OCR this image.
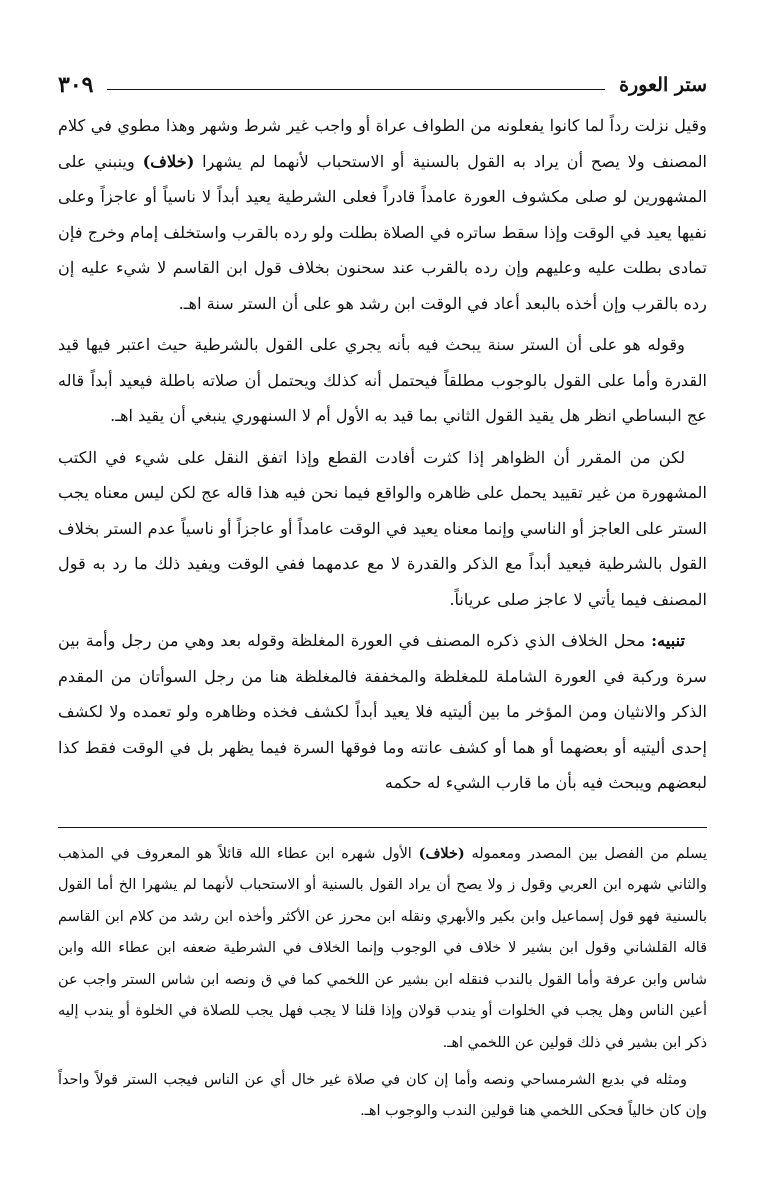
ستر العورة
٣٠٩

وقيل نزلت رداً لما كانوا يفعلونه من الطواف عراة أو واجب غير شرط وشهر وهذا مطوي في كلام المصنف ولا يصح أن يراد به القول بالسنية أو الاستحباب لأنهما لم يشهرا (خلاف) وينبني على المشهورين لو صلى مكشوف العورة عامداً قادراً فعلى الشرطية يعيد أبداً لا ناسياً أو عاجزاً وعلى نفيها يعيد في الوقت وإذا سقط ساتره في الصلاة بطلت ولو رده بالقرب واستخلف إمام وخرج فإن تمادى بطلت عليه وعليهم وإن رده بالقرب عند سحنون بخلاف قول ابن القاسم لا شيء عليه إن رده بالقرب وإن أخذه بالبعد أعاد في الوقت ابن رشد هو على أن الستر سنة اهـ.

وقوله هو على أن الستر سنة يبحث فيه بأنه يجري على القول بالشرطية حيث اعتبر فيها قيد القدرة وأما على القول بالوجوب مطلقاً فيحتمل أنه كذلك ويحتمل أن صلاته باطلة فيعيد أبداً قاله عج البساطي انظر هل يقيد القول الثاني بما قيد به الأول أم لا السنهوري ينبغي أن يقيد اهـ.

لكن من المقرر أن الظواهر إذا كثرت أفادت القطع وإذا اتفق النقل على شيء في الكتب المشهورة من غير تقييد يحمل على ظاهره والواقع فيما نحن فيه هذا قاله عج لكن ليس معناه يجب الستر على العاجز أو الناسي وإنما معناه يعيد في الوقت عامداً أو عاجزاً أو ناسياً عدم الستر بخلاف القول بالشرطية فيعيد أبداً مع الذكر والقدرة لا مع عدمهما ففي الوقت ويفيد ذلك ما رد به قول المصنف فيما يأتي لا عاجز صلى عرياناً.

تنبيه: محل الخلاف الذي ذكره المصنف في العورة المغلظة وقوله بعد وهي من رجل وأمة بين سرة وركبة في العورة الشاملة للمغلظة والمخففة فالمغلظة هنا من رجل السوأتان من المقدم الذكر والانثيان ومن المؤخر ما بين أليتيه فلا يعيد أبداً لكشف فخذه وظاهره ولو تعمده ولا لكشف إحدى أليتيه أو بعضهما أو هما أو كشف عانته وما فوقها السرة فيما يظهر بل في الوقت فقط كذا لبعضهم ويبحث فيه بأن ما قارب الشيء له حكمه

يسلم من الفصل بين المصدر ومعموله (خلاف) الأول شهره ابن عطاء الله قائلاً هو المعروف في المذهب والثاني شهره ابن العربي وقول ز ولا يصح أن يراد القول بالسنية أو الاستحباب لأنهما لم يشهرا الخ أما القول بالسنية فهو قول إسماعيل وابن بكير والأبهري ونقله ابن محرز عن الأكثر وأخذه ابن رشد من كلام ابن القاسم قاله القلشاني وقول ابن بشير لا خلاف في الوجوب وإنما الخلاف في الشرطية ضعفه ابن عطاء الله وابن شاس وابن عرفة وأما القول بالندب فنقله ابن بشير عن اللخمي كما في ق ونصه ابن شاس الستر واجب عن أعين الناس وهل يجب في الخلوات أو يندب قولان وإذا قلنا لا يجب فهل يجب للصلاة في الخلوة أو يندب إليه ذكر ابن بشير في ذلك قولين عن اللخمي اهـ.

ومثله في بديع الشرمساحي ونصه وأما إن كان في صلاة غير خال أي عن الناس فيجب الستر قولاً واحداً وإن كان خالياً فحكى اللخمي هنا قولين الندب والوجوب اهـ.
